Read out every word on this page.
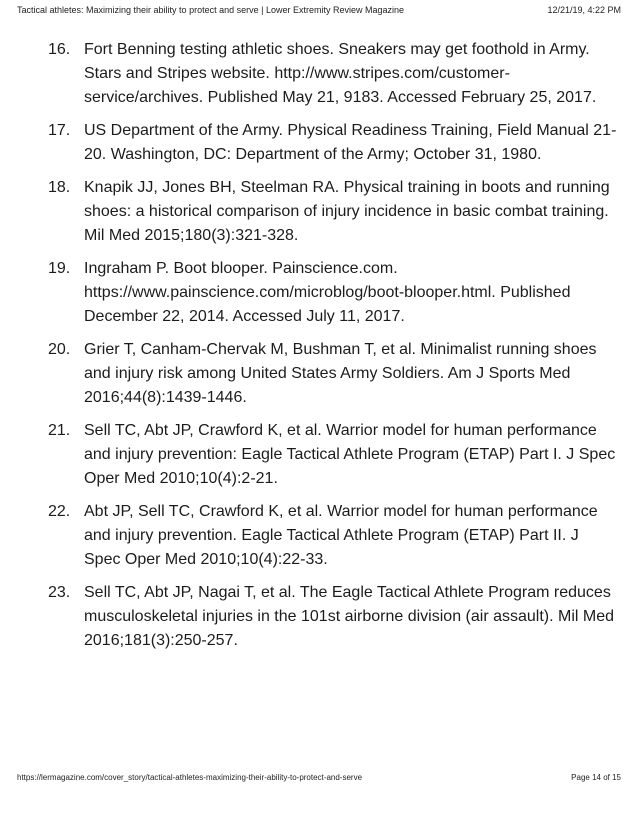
Tactical athletes: Maximizing their ability to protect and serve | Lower Extremity Review Magazine	12/21/19, 4:22 PM
16. Fort Benning testing athletic shoes. Sneakers may get foothold in Army. Stars and Stripes website. http://www.stripes.com/customer-service/archives. Published May 21, 9183. Accessed February 25, 2017.
17. US Department of the Army. Physical Readiness Training, Field Manual 21-20. Washington, DC: Department of the Army; October 31, 1980.
18. Knapik JJ, Jones BH, Steelman RA. Physical training in boots and running shoes: a historical comparison of injury incidence in basic combat training. Mil Med 2015;180(3):321-328.
19. Ingraham P. Boot blooper. Painscience.com. https://www.painscience.com/microblog/boot-blooper.html. Published December 22, 2014. Accessed July 11, 2017.
20. Grier T, Canham-Chervak M, Bushman T, et al. Minimalist running shoes and injury risk among United States Army Soldiers. Am J Sports Med 2016;44(8):1439-1446.
21. Sell TC, Abt JP, Crawford K, et al. Warrior model for human performance and injury prevention: Eagle Tactical Athlete Program (ETAP) Part I. J Spec Oper Med 2010;10(4):2-21.
22. Abt JP, Sell TC, Crawford K, et al. Warrior model for human performance and injury prevention. Eagle Tactical Athlete Program (ETAP) Part II. J Spec Oper Med 2010;10(4):22-33.
23. Sell TC, Abt JP, Nagai T, et al. The Eagle Tactical Athlete Program reduces musculoskeletal injuries in the 101st airborne division (air assault). Mil Med 2016;181(3):250-257.
https://lermagazine.com/cover_story/tactical-athletes-maximizing-their-ability-to-protect-and-serve	Page 14 of 15
